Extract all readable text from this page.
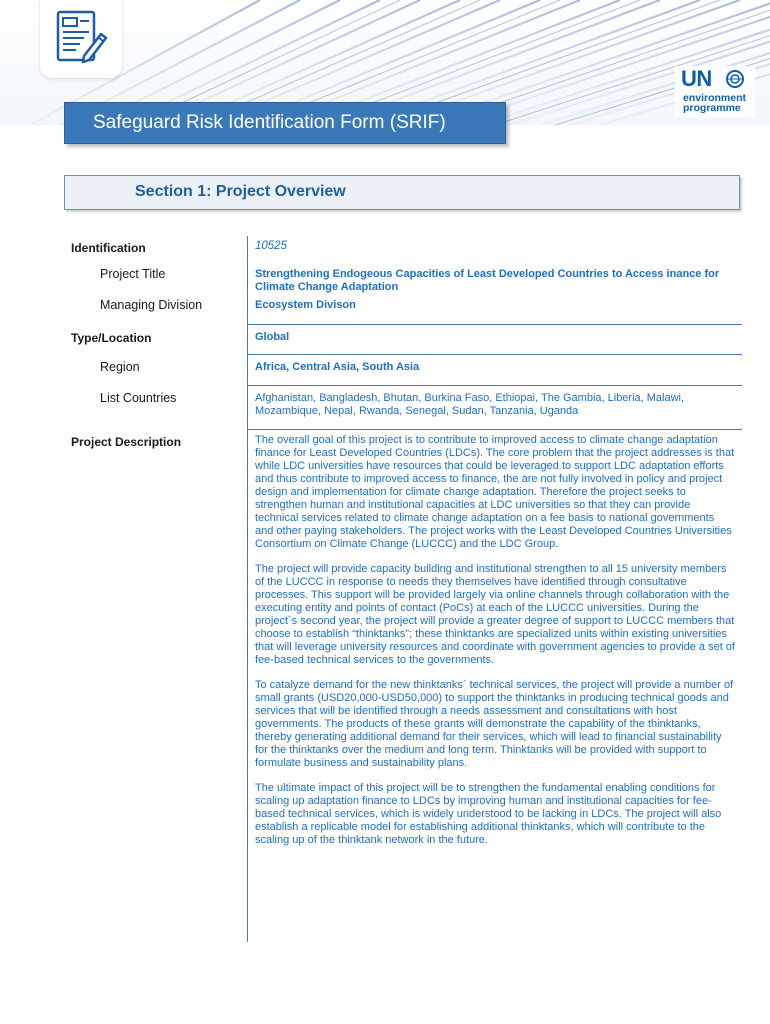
UN
environment
programme
Safeguard Risk Identification Form (SRIF)
Section 1: Project Overview
Identification
Project Title
Managing Division
Type/Location
Region
List Countries
Project Description
10525
Strengthening Endogeous Capacities of Least Developed Countries to Access inance for Climate Change Adaptation
Ecosystem Divison
Global
Africa, Central Asia, South Asia
Afghanistan, Bangladesh, Bhutan, Burkina Faso, Ethiopai, The Gambia, Liberia, Malawi, Mozambique, Nepal, Rwanda, Senegal, Sudan, Tanzania, Uganda

The overall goal of this project is to contribute to improved access to climate change adaptation finance for Least Developed Countries (LDCs). The core problem that the project addresses is that while LDC universities have resources that could be leveraged to support LDC adaptation efforts and thus contribute to improved access to finance, the are not fully involved in policy and project design and implementation for climate change adaptation. Therefore the project seeks to strengthen human and institutional capacities at LDC universities so that they can provide technical services related to climate change adaptation on a fee basis to national governments and other paying stakeholders. The project works with the Least Developed Countries Universities Consortium on Climate Change (LUCCC) and the LDC Group.

The project will provide capacity building and institutional strengthen to all 15 university members of the LUCCC in response to needs they themselves have identified through consultative processes. This support will be provided largely via online channels through collaboration with the executing entity and points of contact (PoCs) at each of the LUCCC universities. During the project`s second year, the project will provide a greater degree of support to LUCCC members that choose to establish “thinktanks”; these thinktanks are specialized units within existing universities that will leverage university resources and coordinate with government agencies to provide a set of fee-based technical services to the governments.

To catalyze demand for the new thinktanks` technical services, the project will provide a number of small grants (USD20,000-USD50,000) to support the thinktanks in producing technical goods and services that will be identified through a needs assessment and consultations with host governments. The products of these grants will demonstrate the capability of the thinktanks, thereby generating additional demand for their services, which will lead to financial sustainability for the thinktanks over the medium and long term. Thinktanks will be provided with support to formulate business and sustainability plans.

The ultimate impact of this project will be to strengthen the fundamental enabling conditions for scaling up adaptation finance to LDCs by improving human and institutional capacities for fee-based technical services, which is widely understood to be lacking in LDCs. The project will also establish a replicable model for establishing additional thinktanks, which will contribute to the scaling up of the thinktank network in the future.
